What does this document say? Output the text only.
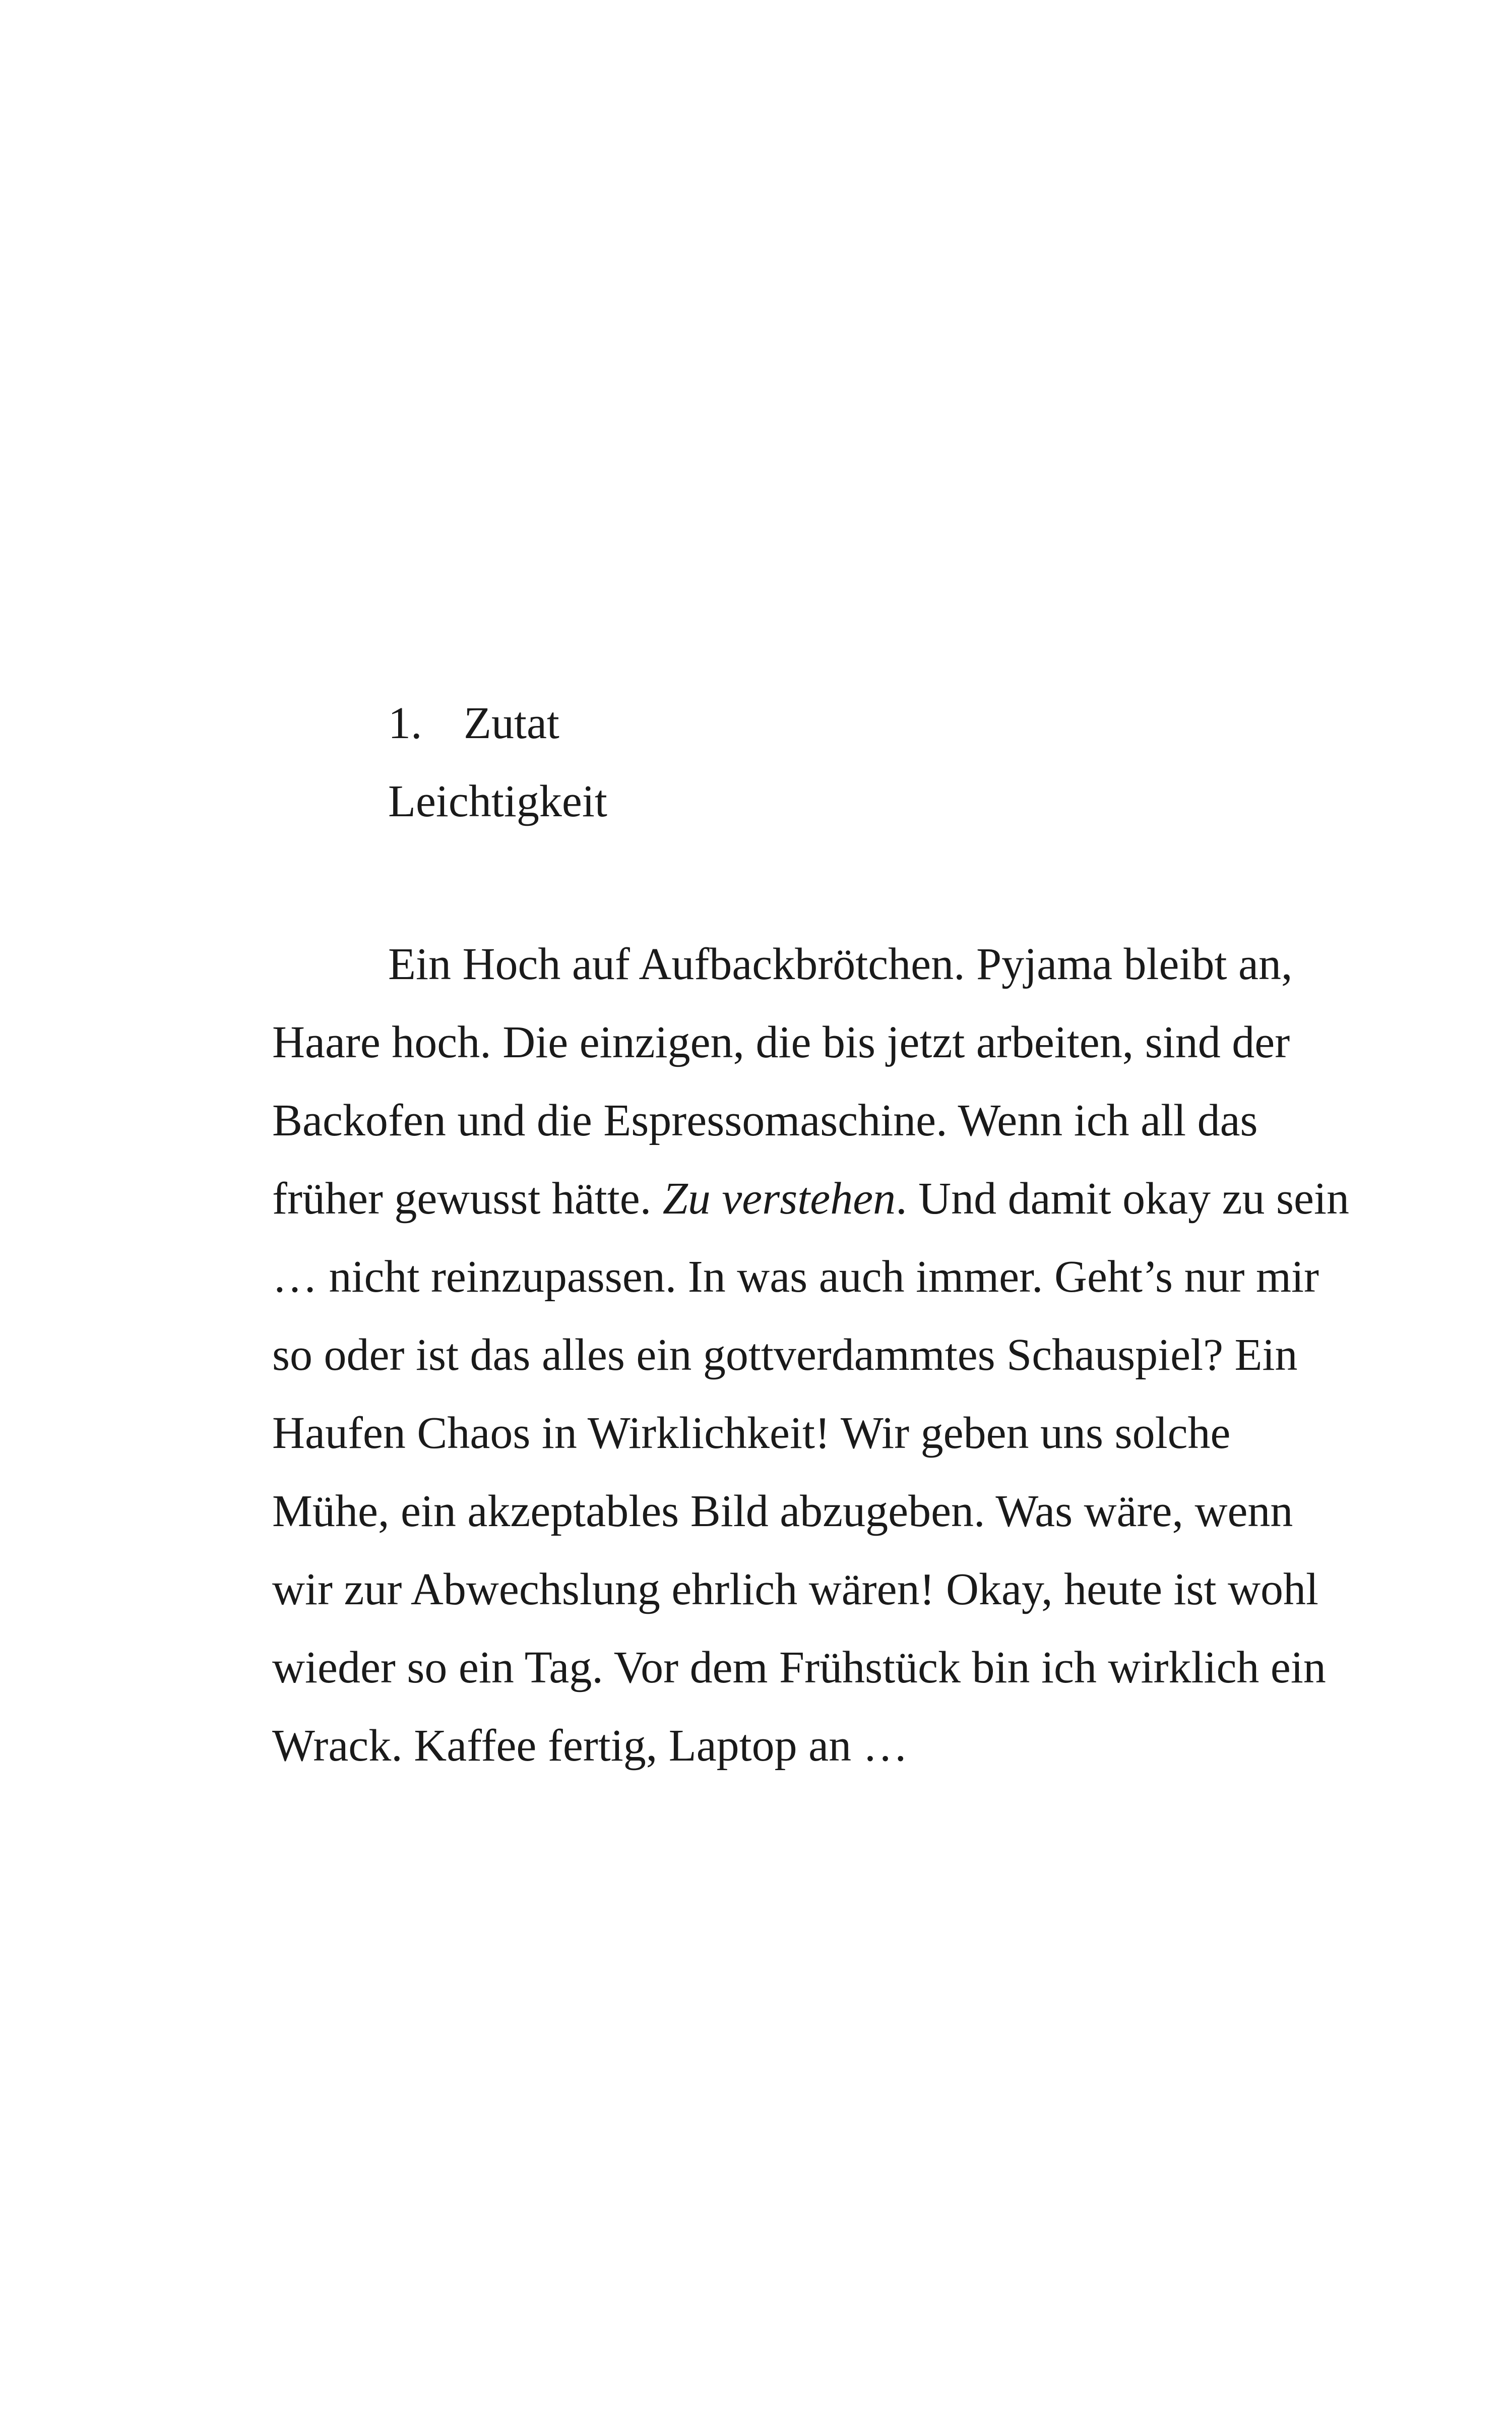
1. Zutat
Leichtigkeit
Ein Hoch auf Aufbackbrötchen. Pyjama bleibt an,
Haare hoch. Die einzigen, die bis jetzt arbeiten, sind der
Backofen und die Espressomaschine. Wenn ich all das
früher gewusst hätte. Zu verstehen. Und damit okay zu sein
… nicht reinzupassen. In was auch immer. Geht’s nur mir
so oder ist das alles ein gottverdammtes Schauspiel? Ein
Haufen Chaos in Wirklichkeit! Wir geben uns solche
Mühe, ein akzeptables Bild abzugeben. Was wäre, wenn
wir zur Abwechslung ehrlich wären! Okay, heute ist wohl
wieder so ein Tag. Vor dem Frühstück bin ich wirklich ein
Wrack. Kaffee fertig, Laptop an …
